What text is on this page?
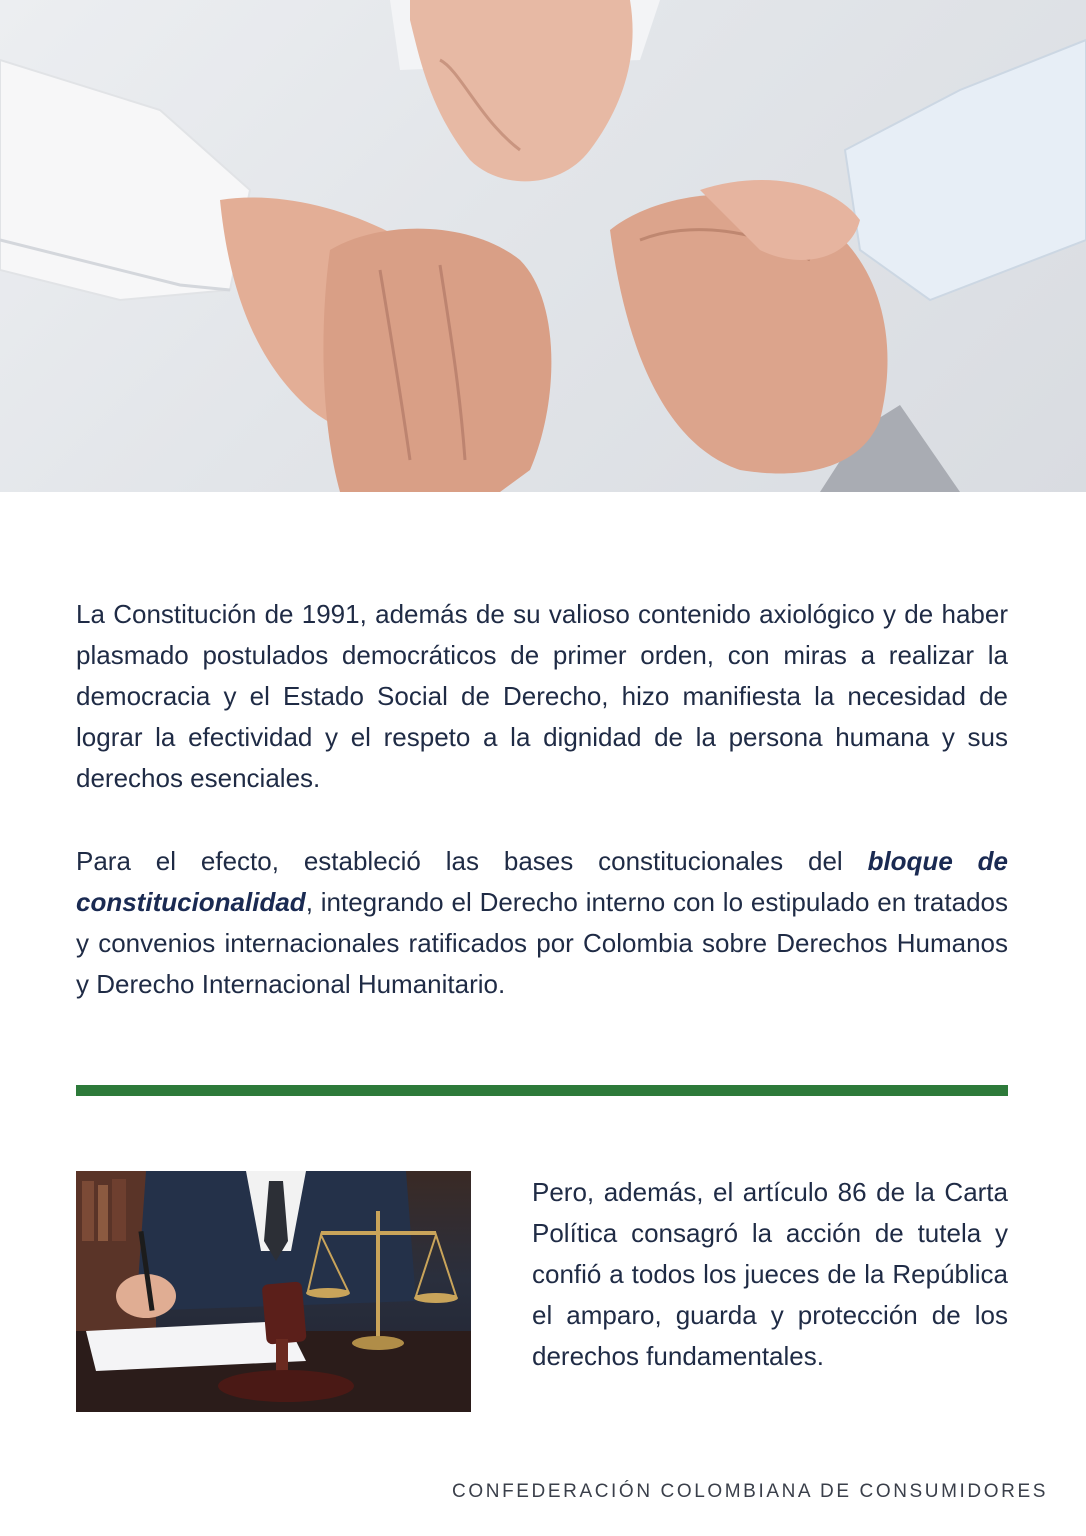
La Constitución de 1991, además de su valioso contenido axiológico y de haber plasmado postulados democráticos de primer orden, con miras a realizar la democracia y el Estado Social de Derecho, hizo manifiesta la necesidad de lograr la efectividad y el respeto a la dignidad de la persona humana y sus derechos esenciales.

Para el efecto, estableció las bases constitucionales del bloque de constitucionalidad, integrando el Derecho interno con lo estipulado en tratados y convenios internacionales ratificados por Colombia sobre Derechos Humanos y Derecho Internacional Humanitario.

Pero, además, el artículo 86 de la Carta Política consagró la acción de tutela y confió a todos los jueces de la República el amparo, guarda y protección de los derechos fundamentales.

CONFEDERACIÓN COLOMBIANA DE CONSUMIDORES
